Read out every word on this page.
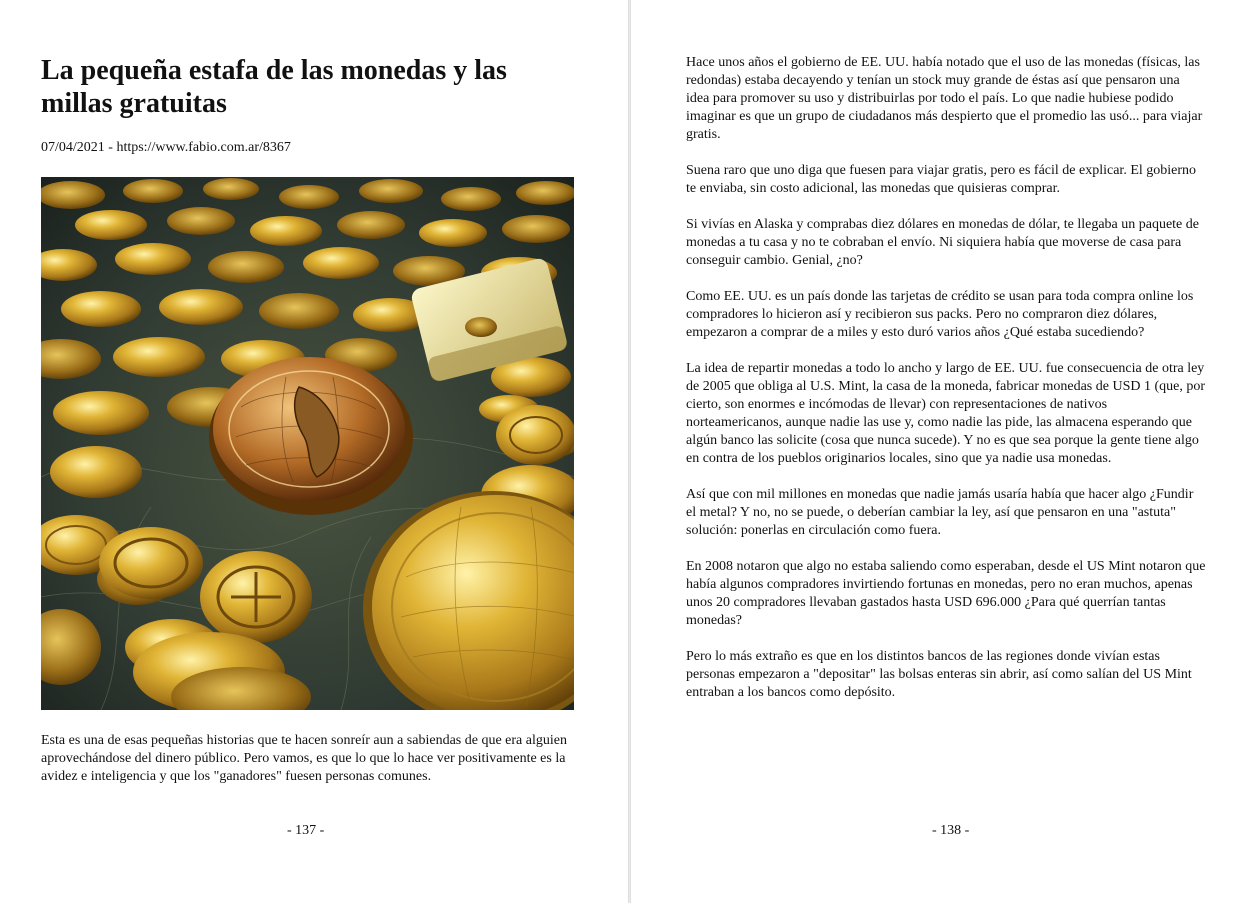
La pequeña estafa de las monedas y las millas gratuitas
07/04/2021 - https://www.fabio.com.ar/8367
Esta es una de esas pequeñas historias que te hacen sonreír aun a sabiendas de que era alguien aprovechándose del dinero público. Pero vamos, es que lo que lo hace ver positivamente es la avidez e inteligencia y que los "ganadores" fuesen personas comunes.
- 137 -

Hace unos años el gobierno de EE. UU. había notado que el uso de las monedas (físicas, las redondas) estaba decayendo y tenían un stock muy grande de éstas así que pensaron una idea para promover su uso y distribuirlas por todo el país. Lo que nadie hubiese podido imaginar es que un grupo de ciudadanos más despierto que el promedio las usó... para viajar gratis.

Suena raro que uno diga que fuesen para viajar gratis, pero es fácil de explicar. El gobierno te enviaba, sin costo adicional, las monedas que quisieras comprar.

Si vivías en Alaska y comprabas diez dólares en monedas de dólar, te llegaba un paquete de monedas a tu casa y no te cobraban el envío. Ni siquiera había que moverse de casa para conseguir cambio. Genial, ¿no?

Como EE. UU. es un país donde las tarjetas de crédito se usan para toda compra online los compradores lo hicieron así y recibieron sus packs. Pero no compraron diez dólares, empezaron a comprar de a miles y esto duró varios años ¿Qué estaba sucediendo?

La idea de repartir monedas a todo lo ancho y largo de EE. UU. fue consecuencia de otra ley de 2005 que obliga al U.S. Mint, la casa de la moneda, fabricar monedas de USD 1 (que, por cierto, son enormes e incómodas de llevar) con representaciones de nativos norteamericanos, aunque nadie las use y, como nadie las pide, las almacena esperando que algún banco las solicite (cosa que nunca sucede). Y no es que sea porque la gente tiene algo en contra de los pueblos originarios locales, sino que ya nadie usa monedas.

Así que con mil millones en monedas que nadie jamás usaría había que hacer algo ¿Fundir el metal? Y no, no se puede, o deberían cambiar la ley, así que pensaron en una "astuta" solución: ponerlas en circulación como fuera.

En 2008 notaron que algo no estaba saliendo como esperaban, desde el US Mint notaron que había algunos compradores invirtiendo fortunas en monedas, pero no eran muchos, apenas unos 20 compradores llevaban gastados hasta USD 696.000 ¿Para qué querrían tantas monedas?

Pero lo más extraño es que en los distintos bancos de las regiones donde vivían estas personas empezaron a "depositar" las bolsas enteras sin abrir, así como salían del US Mint entraban a los bancos como depósito.

- 138 -
